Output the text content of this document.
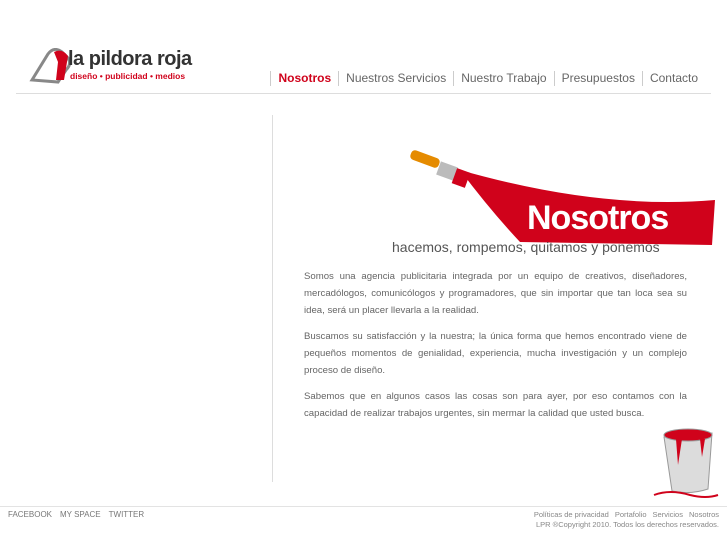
la pildora roja
diseño • publicidad • medios	Nosotros	Nuestros Servicios	Nuestro Trabajo	Presupuestos	Contacto
Nosotros
hacemos, rompemos, quitamos y ponemos

Somos una agencia publicitaria integrada por un equipo de creativos, diseñadores, mercadólogos, comunicólogos y programadores, que sin importar que tan loca sea su idea, será un placer llevarla a la realidad.

Buscamos su satisfacción y la nuestra; la única forma que hemos encontrado viene de pequeños momentos de genialidad, experiencia, mucha investigación y un complejo proceso de diseño.

Sabemos que en algunos casos las cosas son para ayer, por eso contamos con la capacidad de realizar trabajos urgentes, sin mermar la calidad que usted busca.

FACEBOOK MY SPACE TWITTER	Políticas de privacidad Portafolio Servicios Nosotros
LPR ®Copyright 2010. Todos los derechos reservados.
